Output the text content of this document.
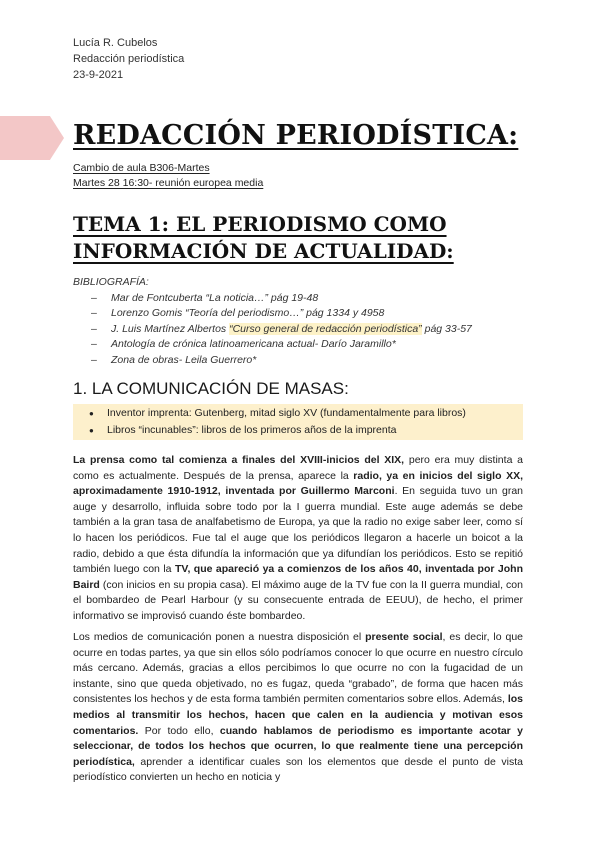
Lucía R. Cubelos
Redacción periodística
23-9-2021
REDACCIÓN PERIODÍSTICA:
Cambio de aula B306-Martes
Martes 28 16:30- reunión europea media
TEMA 1: EL PERIODISMO COMO
INFORMACIÓN DE ACTUALIDAD:
BIBLIOGRAFÍA:
– Mar de Fontcuberta “La noticia…” pág 19-48
– Lorenzo Gomis “Teoría del periodismo…” pág 1334 y 4958
– J. Luis Martínez Albertos “Curso general de redacción periodística” pág 33-57
– Antología de crónica latinoamericana actual- Darío Jaramillo*
– Zona de obras- Leila Guerrero*
1. LA COMUNICACIÓN DE MASAS:
● Inventor imprenta: Gutenberg, mitad siglo XV (fundamentalmente para libros)
● Libros “incunables”: libros de los primeros años de la imprenta
La prensa como tal comienza a finales del XVIII-inicios del XIX, pero era muy distinta a como es actualmente. Después de la prensa, aparece la radio, ya en inicios del siglo XX, aproximadamente 1910-1912, inventada por Guillermo Marconi. En seguida tuvo un gran auge y desarrollo, influida sobre todo por la I guerra mundial. Este auge además se debe también a la gran tasa de analfabetismo de Europa, ya que la radio no exige saber leer, como sí lo hacen los periódicos. Fue tal el auge que los periódicos llegaron a hacerle un boicot a la radio, debido a que ésta difundía la información que ya difundían los periódicos. Esto se repitió también luego con la TV, que apareció ya a comienzos de los años 40, inventada por John Baird (con inicios en su propia casa). El máximo auge de la TV fue con la II guerra mundial, con el bombardeo de Pearl Harbour (y su consecuente entrada de EEUU), de hecho, el primer informativo se improvisó cuando éste bombardeo.
Los medios de comunicación ponen a nuestra disposición el presente social, es decir, lo que ocurre en todas partes, ya que sin ellos sólo podríamos conocer lo que ocurre en nuestro círculo más cercano. Además, gracias a ellos percibimos lo que ocurre no con la fugacidad de un instante, sino que queda objetivado, no es fugaz, queda “grabado”, de forma que hacen más consistentes los hechos y de esta forma también permiten comentarios sobre ellos. Además, los medios al transmitir los hechos, hacen que calen en la audiencia y motivan esos comentarios. Por todo ello, cuando hablamos de periodismo es importante acotar y seleccionar, de todos los hechos que ocurren, lo que realmente tiene una percepción periodística, aprender a identificar cuales son los elementos que desde el punto de vista periodístico convierten un hecho en noticia y
